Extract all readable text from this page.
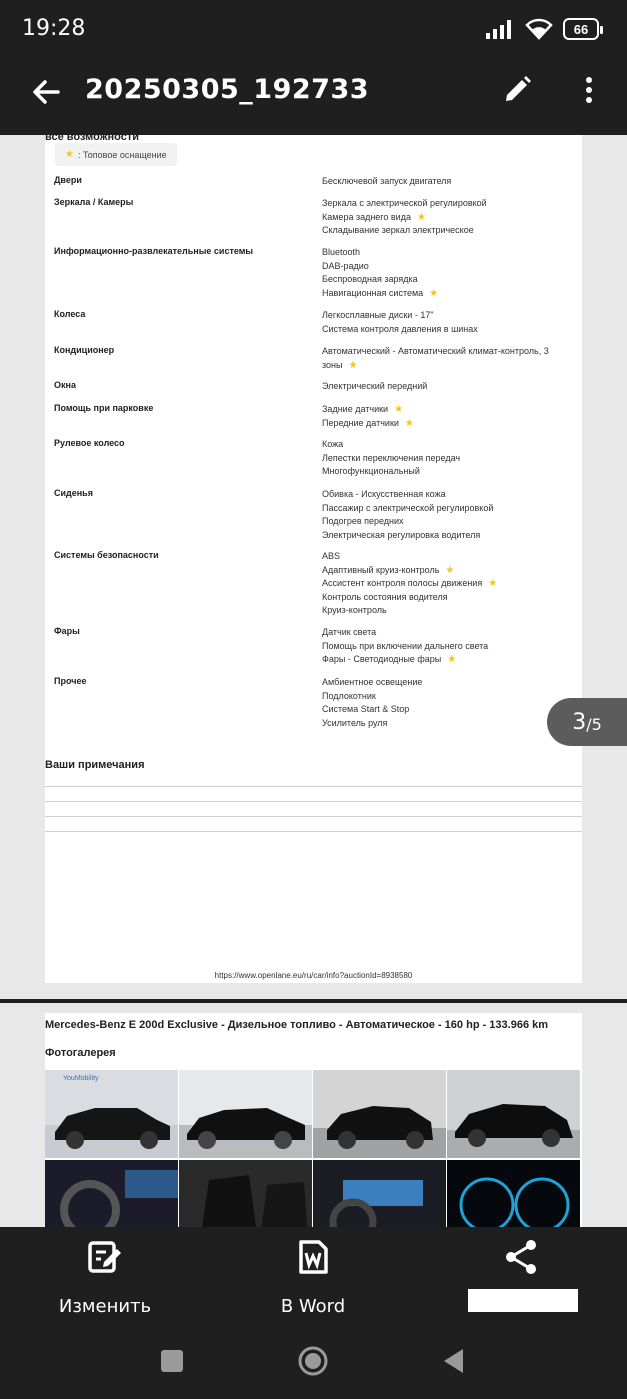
19:28	66
20250305_192733
все возможности
★ : Топовое оснащение
Двери	Бесключевой запуск двигателя
Зеркала / Камеры	Зеркала с электрической регулировкой
Камера заднего вида ★
Складывание зеркал электрическое
Информационно-развлекательные системы	Bluetooth
DAB-радио
Беспроводная зарядка
Навигационная система ★
Колеса	Легкосплавные диски - 17"
Система контроля давления в шинах
Кондиционер	Автоматический - Автоматический климат-контроль, 3
зоны ★
Окна	Электрический передний
Помощь при парковке	Задние датчики ★
Передние датчики ★
Рулевое колесо	Кожа
Лепестки переключения передач
Многофункциональный
Сиденья	Обивка - Искусственная кожа
Пассажир с электрической регулировкой
Подогрев передних
Электрическая регулировка водителя
Системы безопасности	ABS
Адаптивный круиз-контроль ★
Ассистент контроля полосы движения ★
Контроль состояния водителя
Круиз-контроль
Фары	Датчик света
Помощь при включении дальнего света
Фары - Светодиодные фары ★
Прочее	Амбиентное освещение
Подлокотник
Система Start & Stop
Усилитель руля
Ваши примечания
https://www.openlane.eu/ru/car/info?auctionId=8938580
Mercedes-Benz E 200d Exclusive - Дизельное топливо - Автоматическое - 160 hp - 133.966 km
Фотогалерея
YouMobility
3 /5
Изменить	В Word
